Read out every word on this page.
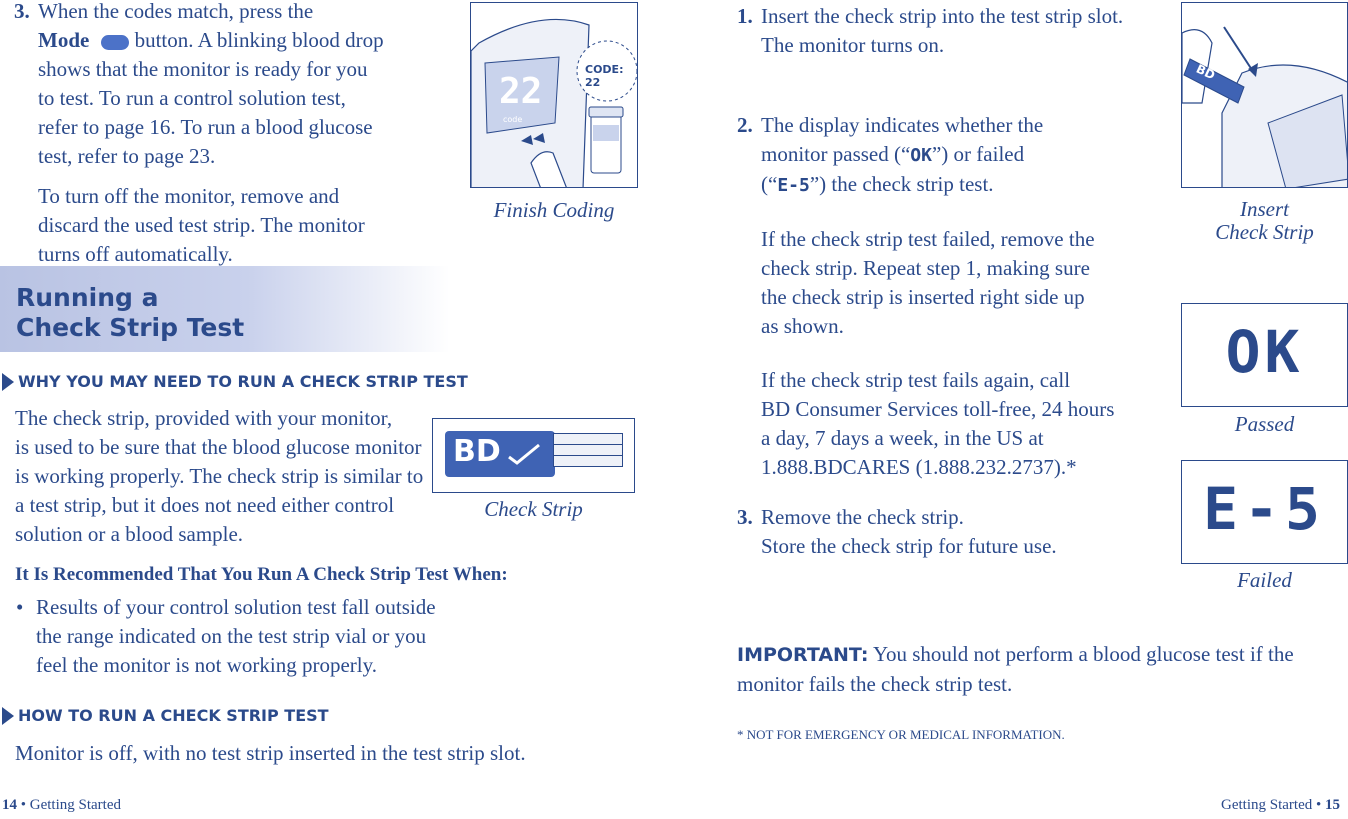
3. When the codes match, press the
Mode button. A blinking blood drop
shows that the monitor is ready for you
to test. To run a control solution test,
refer to page 16. To run a blood glucose
test, refer to page 23.
To turn off the monitor, remove and
discard the used test strip. The monitor
turns off automatically.
22
code
CODE: 22
Finish Coding
Running a
Check Strip Test
WHY YOU MAY NEED TO RUN A CHECK STRIP TEST
The check strip, provided with your monitor,
is used to be sure that the blood glucose monitor
is working properly. The check strip is similar to
a test strip, but it does not need either control
solution or a blood sample.
BD
Check Strip
It Is Recommended That You Run A Check Strip Test When:
• Results of your control solution test fall outside
the range indicated on the test strip vial or you
feel the monitor is not working properly.
HOW TO RUN A CHECK STRIP TEST
Monitor is off, with no test strip inserted in the test strip slot.
14 • Getting Started
1. Insert the check strip into the test strip slot.
The monitor turns on.
2. The display indicates whether the
monitor passed (“OK”) or failed
(“E-5”) the check strip test.
If the check strip test failed, remove the
check strip. Repeat step 1, making sure
the check strip is inserted right side up
as shown.
If the check strip test fails again, call
BD Consumer Services toll-free, 24 hours
a day, 7 days a week, in the US at
1.888.BDCARES (1.888.232.2737).*
3. Remove the check strip.
Store the check strip for future use.
BD
Insert
Check Strip
OK
Passed
E-5
Failed
IMPORTANT: You should not perform a blood glucose test if the
monitor fails the check strip test.
* NOT FOR EMERGENCY OR MEDICAL INFORMATION.
Getting Started • 15
